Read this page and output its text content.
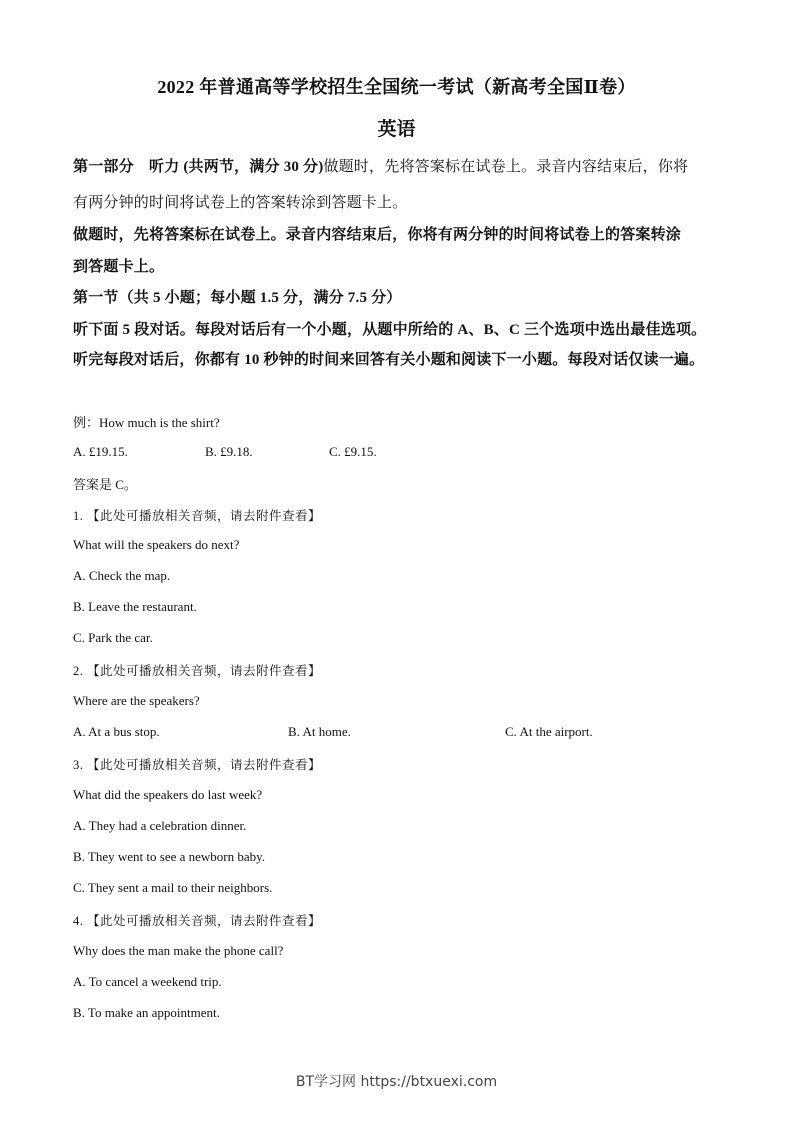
2022 年普通高等学校招生全国统一考试（新高考全国Ⅱ卷）
英语
第一部分　听力 (共两节，满分 30 分)做题时，先将答案标在试卷上。录音内容结束后，你将
有两分钟的时间将试卷上的答案转涂到答题卡上。
做题时，先将答案标在试卷上。录音内容结束后，你将有两分钟的时间将试卷上的答案转涂
到答题卡上。
第一节（共 5 小题；每小题 1.5 分，满分 7.5 分）
听下面 5 段对话。每段对话后有一个小题，从题中所给的 A、B、C 三个选项中选出最佳选项。
听完每段对话后，你都有 10 秒钟的时间来回答有关小题和阅读下一小题。每段对话仅读一遍。
例：How much is the shirt?
A. £19.15.	B. £9.18.	C. £9.15.
答案是 C。
1. 【此处可播放相关音频，请去附件查看】
What will the speakers do next?
A. Check the map.
B. Leave the restaurant.
C. Park the car.
2. 【此处可播放相关音频，请去附件查看】
Where are the speakers?
A. At a bus stop.	B. At home.	C. At the airport.
3. 【此处可播放相关音频，请去附件查看】
What did the speakers do last week?
A. They had a celebration dinner.
B. They went to see a newborn baby.
C. They sent a mail to their neighbors.
4. 【此处可播放相关音频，请去附件查看】
Why does the man make the phone call?
A. To cancel a weekend trip.
B. To make an appointment.
BT学习网 https://btxuexi.com
